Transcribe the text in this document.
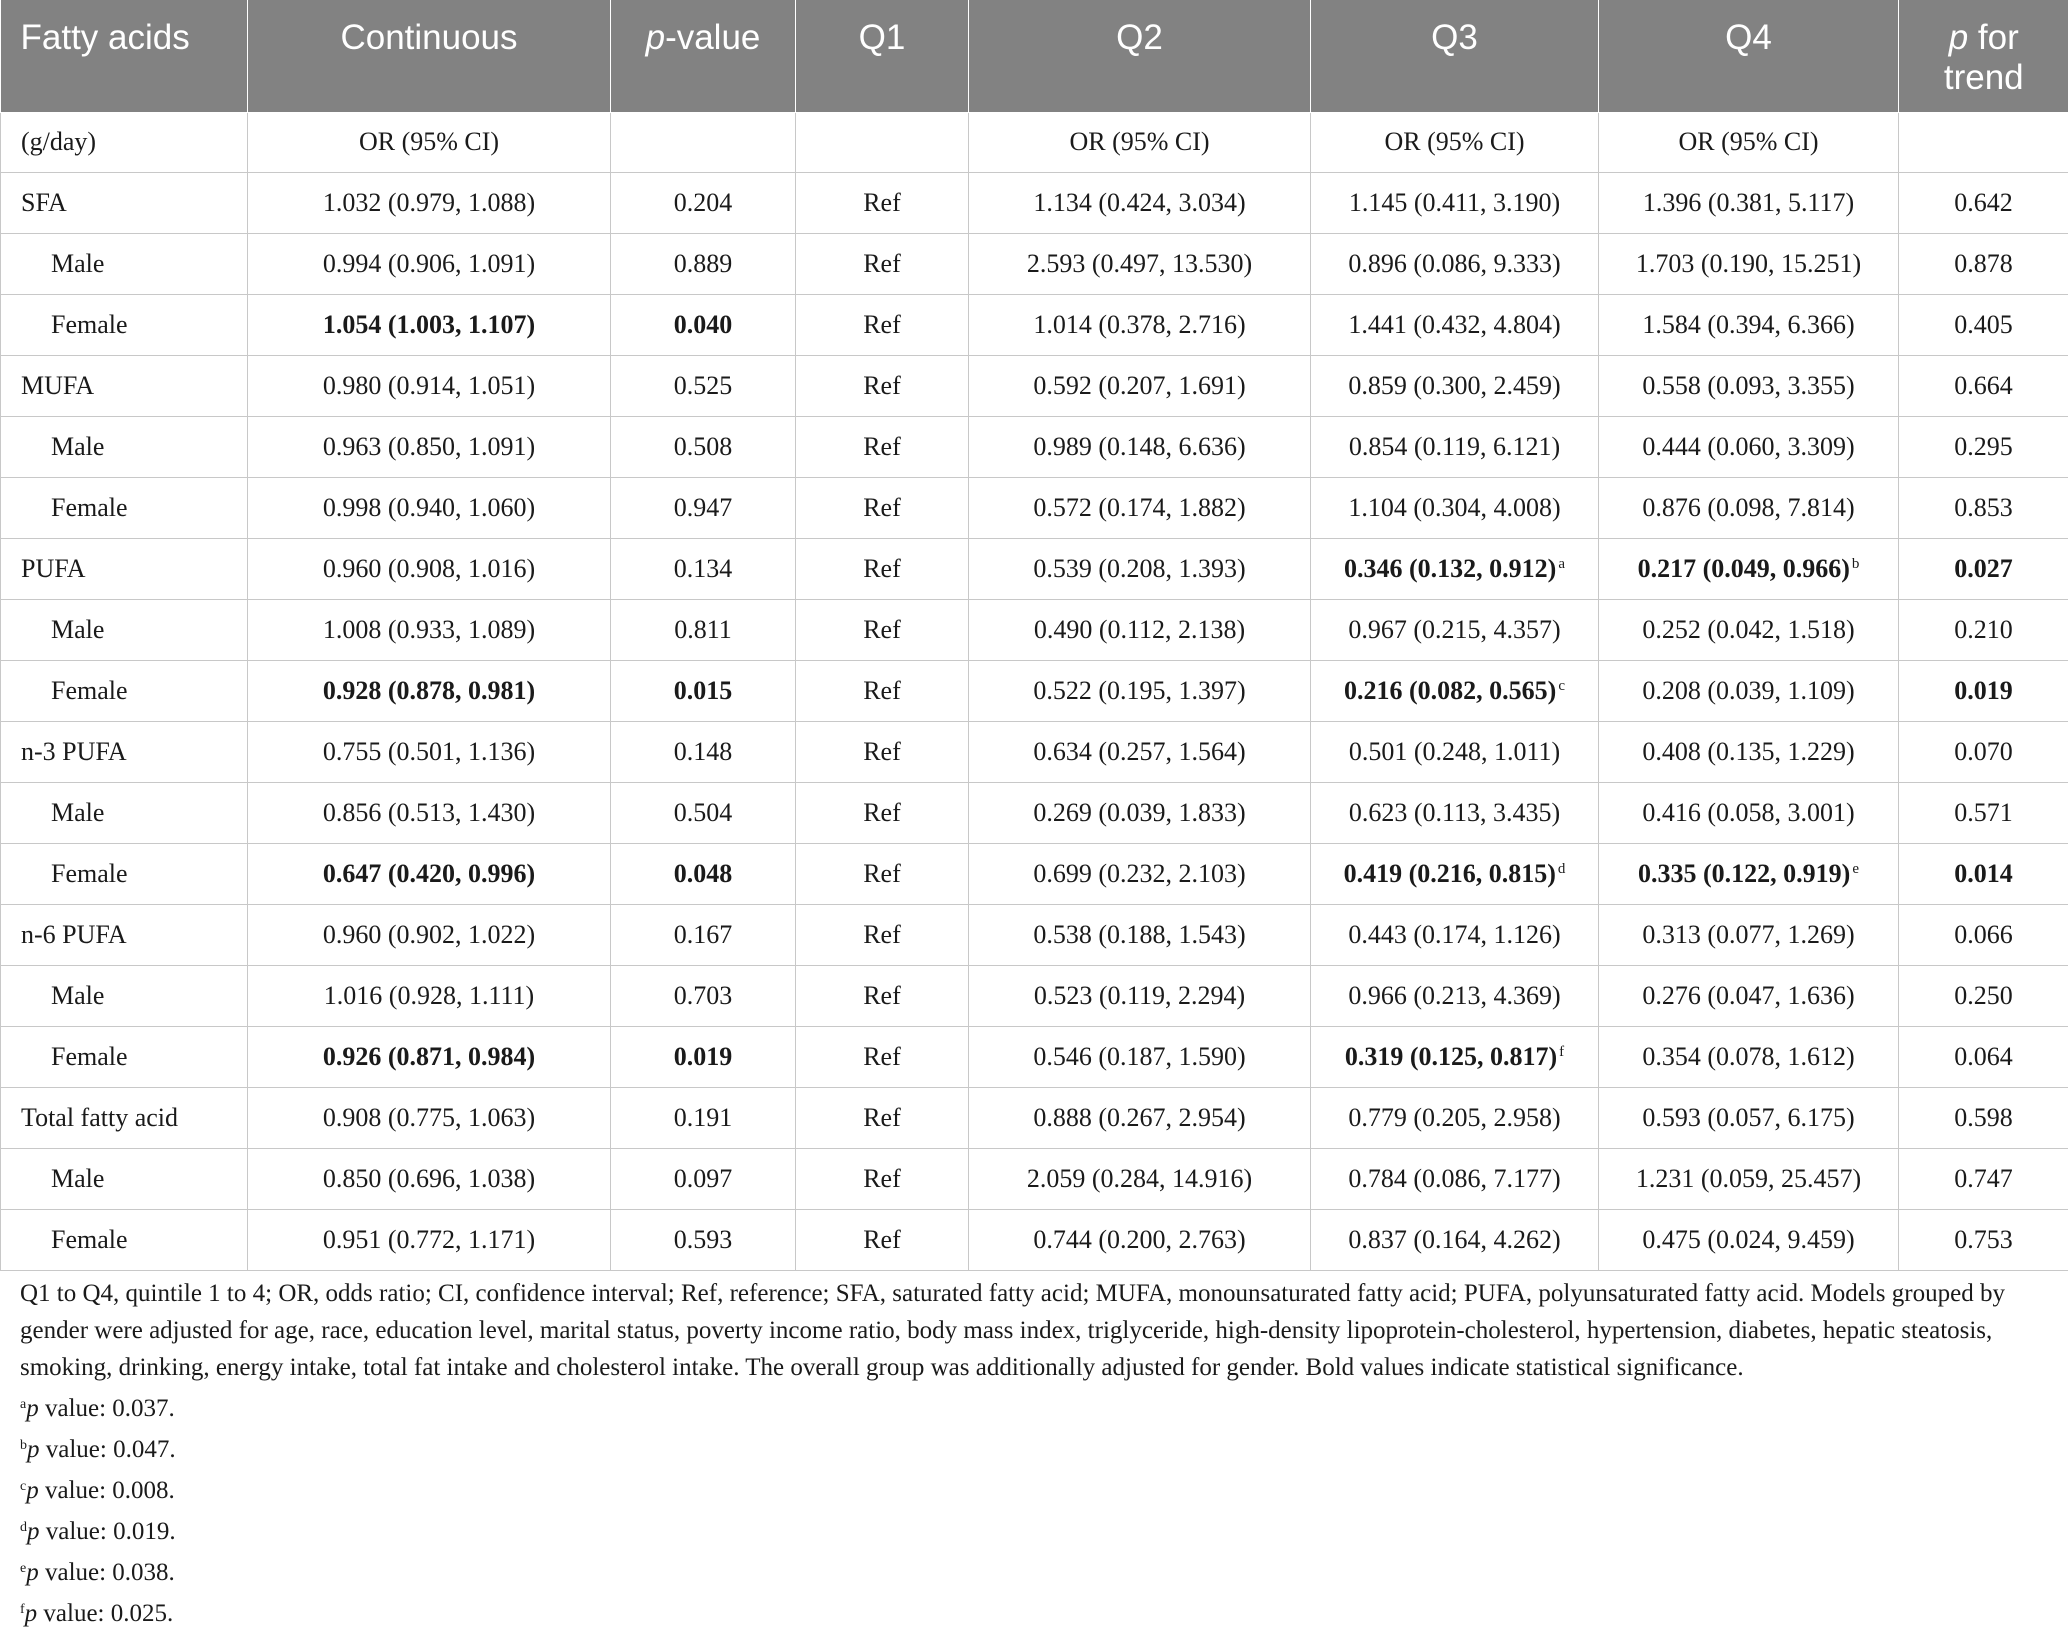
Fatty acids	Continuous	p-value	Q1	Q2	Q3	Q4	p for trend
(g/day)	OR (95% CI)			OR (95% CI)	OR (95% CI)	OR (95% CI)	
SFA	1.032 (0.979, 1.088)	0.204	Ref	1.134 (0.424, 3.034)	1.145 (0.411, 3.190)	1.396 (0.381, 5.117)	0.642
Male	0.994 (0.906, 1.091)	0.889	Ref	2.593 (0.497, 13.530)	0.896 (0.086, 9.333)	1.703 (0.190, 15.251)	0.878
Female	1.054 (1.003, 1.107)	0.040	Ref	1.014 (0.378, 2.716)	1.441 (0.432, 4.804)	1.584 (0.394, 6.366)	0.405
MUFA	0.980 (0.914, 1.051)	0.525	Ref	0.592 (0.207, 1.691)	0.859 (0.300, 2.459)	0.558 (0.093, 3.355)	0.664
Male	0.963 (0.850, 1.091)	0.508	Ref	0.989 (0.148, 6.636)	0.854 (0.119, 6.121)	0.444 (0.060, 3.309)	0.295
Female	0.998 (0.940, 1.060)	0.947	Ref	0.572 (0.174, 1.882)	1.104 (0.304, 4.008)	0.876 (0.098, 7.814)	0.853
PUFA	0.960 (0.908, 1.016)	0.134	Ref	0.539 (0.208, 1.393)	0.346 (0.132, 0.912) $^a$	0.217 (0.049, 0.966) $^b$	0.027
Male	1.008 (0.933, 1.089)	0.811	Ref	0.490 (0.112, 2.138)	0.967 (0.215, 4.357)	0.252 (0.042, 1.518)	0.210
Female	0.928 (0.878, 0.981)	0.015	Ref	0.522 (0.195, 1.397)	0.216 (0.082, 0.565) $^c$	0.208 (0.039, 1.109)	0.019
n-3 PUFA	0.755 (0.501, 1.136)	0.148	Ref	0.634 (0.257, 1.564)	0.501 (0.248, 1.011)	0.408 (0.135, 1.229)	0.070
Male	0.856 (0.513, 1.430)	0.504	Ref	0.269 (0.039, 1.833)	0.623 (0.113, 3.435)	0.416 (0.058, 3.001)	0.571
Female	0.647 (0.420, 0.996)	0.048	Ref	0.699 (0.232, 2.103)	0.419 (0.216, 0.815) $^d$	0.335 (0.122, 0.919) $^e$	0.014
n-6 PUFA	0.960 (0.902, 1.022)	0.167	Ref	0.538 (0.188, 1.543)	0.443 (0.174, 1.126)	0.313 (0.077, 1.269)	0.066
Male	1.016 (0.928, 1.111)	0.703	Ref	0.523 (0.119, 2.294)	0.966 (0.213, 4.369)	0.276 (0.047, 1.636)	0.250
Female	0.926 (0.871, 0.984)	0.019	Ref	0.546 (0.187, 1.590)	0.319 (0.125, 0.817) $^f$	0.354 (0.078, 1.612)	0.064
Total fatty acid	0.908 (0.775, 1.063)	0.191	Ref	0.888 (0.267, 2.954)	0.779 (0.205, 2.958)	0.593 (0.057, 6.175)	0.598
Male	0.850 (0.696, 1.038)	0.097	Ref	2.059 (0.284, 14.916)	0.784 (0.086, 7.177)	1.231 (0.059, 25.457)	0.747
Female	0.951 (0.772, 1.171)	0.593	Ref	0.744 (0.200, 2.763)	0.837 (0.164, 4.262)	0.475 (0.024, 9.459)	0.753

Q1 to Q4, quintile 1 to 4; OR, odds ratio; CI, confidence interval; Ref, reference; SFA, saturated fatty acid; MUFA, monounsaturated fatty acid; PUFA, polyunsaturated fatty acid. Models grouped by gender were adjusted for age, race, education level, marital status, poverty income ratio, body mass index, triglyceride, high-density lipoprotein-cholesterol, hypertension, diabetes, hepatic steatosis, smoking, drinking, energy intake, total fat intake and cholesterol intake. The overall group was additionally adjusted for gender. Bold values indicate statistical significance.

$^a$p value: 0.037.

$^b$p value: 0.047.

$^c$p value: 0.008.

$^d$p value: 0.019.

$^e$p value: 0.038.

$^f$p value: 0.025.
